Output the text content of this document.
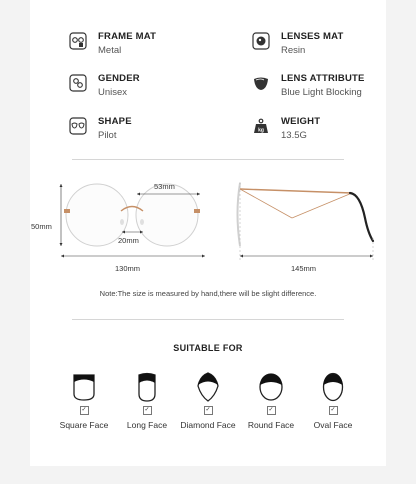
FRAME MAT
Metal
LENSES MAT
Resin
GENDER
Unisex
LENS ATTRIBUTE
Blue Light Blocking
SHAPE
Pilot	kg
WEIGHT
13.5G
53mm
50mm
20mm
130mm	145mm
Note:The size is measured by hand,there will be slight difference.
SUITABLE FOR
✓
Square Face
✓
Long Face
✓
Diamond Face
✓
Round Face
✓
Oval Face
